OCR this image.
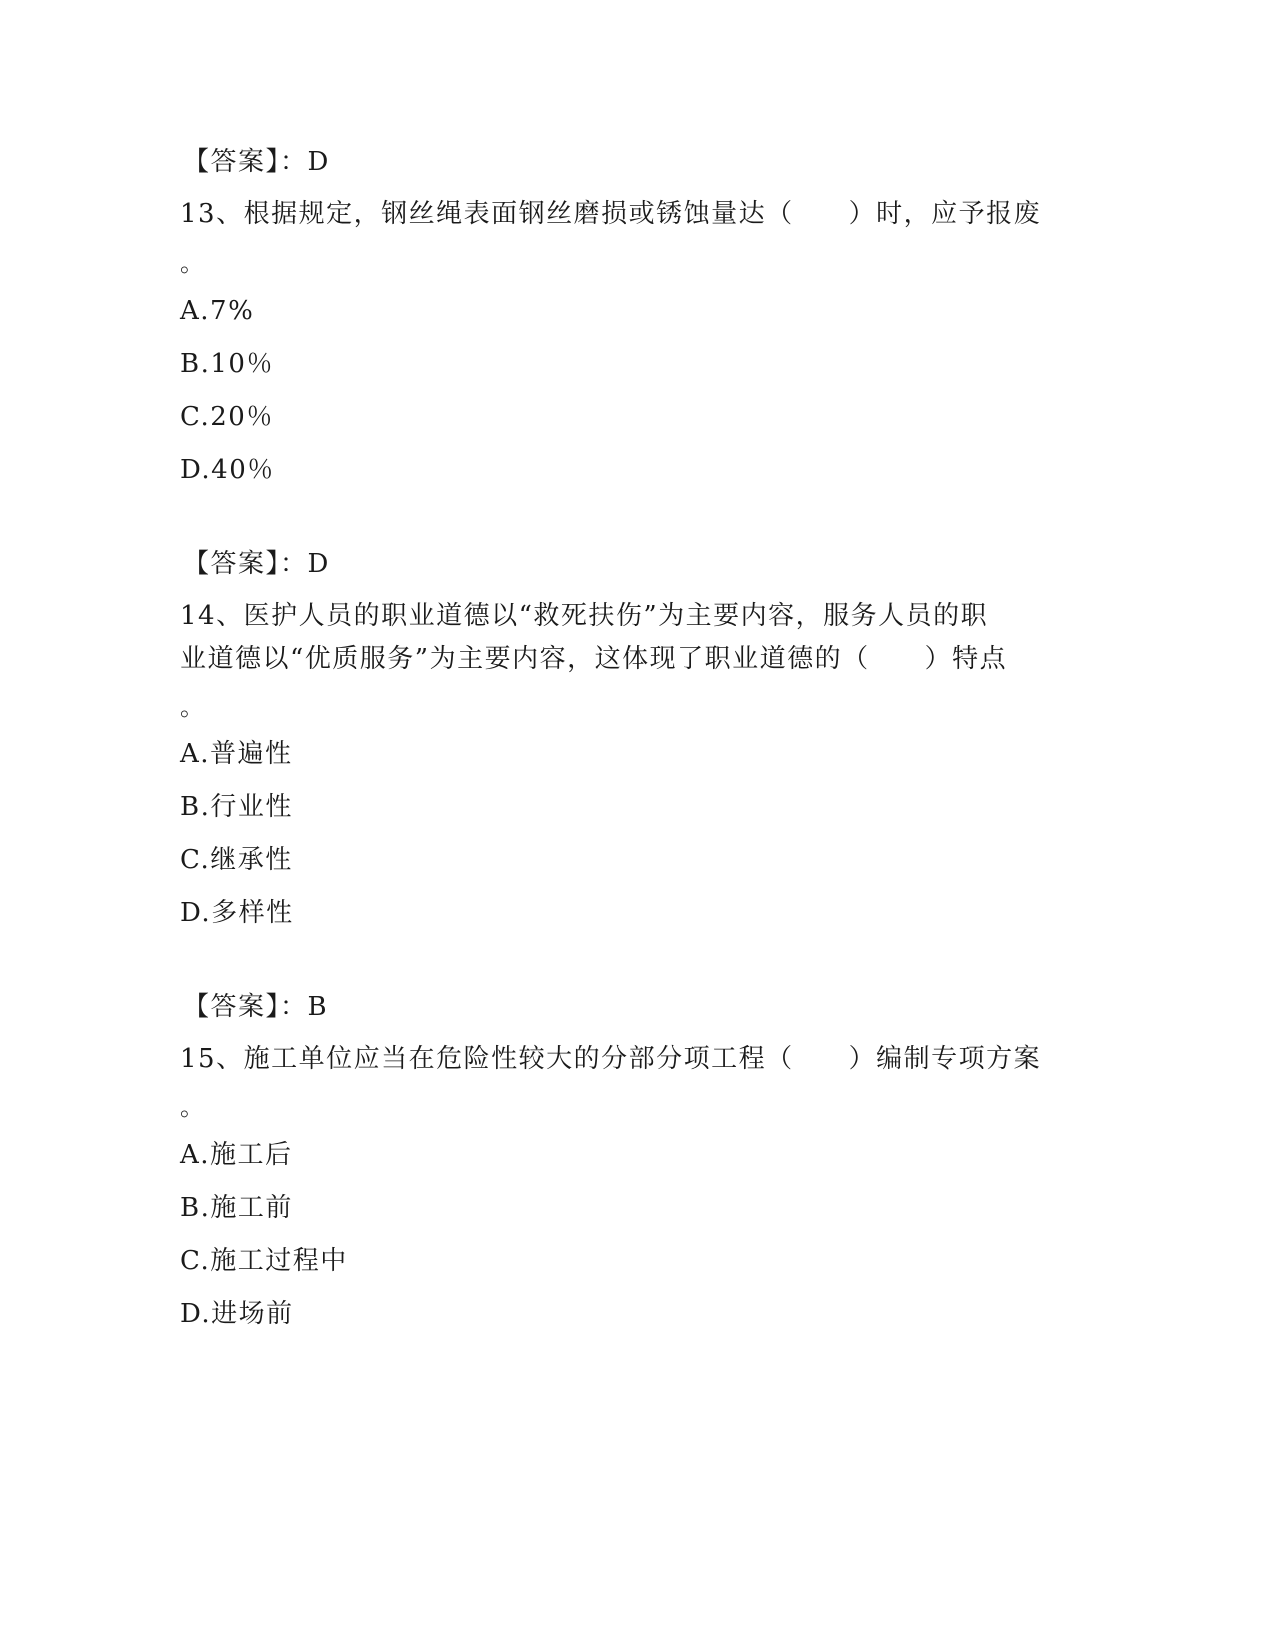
【答案】：D
13、根据规定，钢丝绳表面钢丝磨损或锈蚀量达（　　）时，应予报废
。
A.7%
B.10％
C.20％
D.40％
【答案】：D
14、医护人员的职业道德以“救死扶伤”为主要内容，服务人员的职
业道德以“优质服务”为主要内容，这体现了职业道德的（　　）特点
。
A.普遍性
B.行业性
C.继承性
D.多样性
【答案】：B
15、施工单位应当在危险性较大的分部分项工程（　　）编制专项方案
。
A.施工后
B.施工前
C.施工过程中
D.进场前
